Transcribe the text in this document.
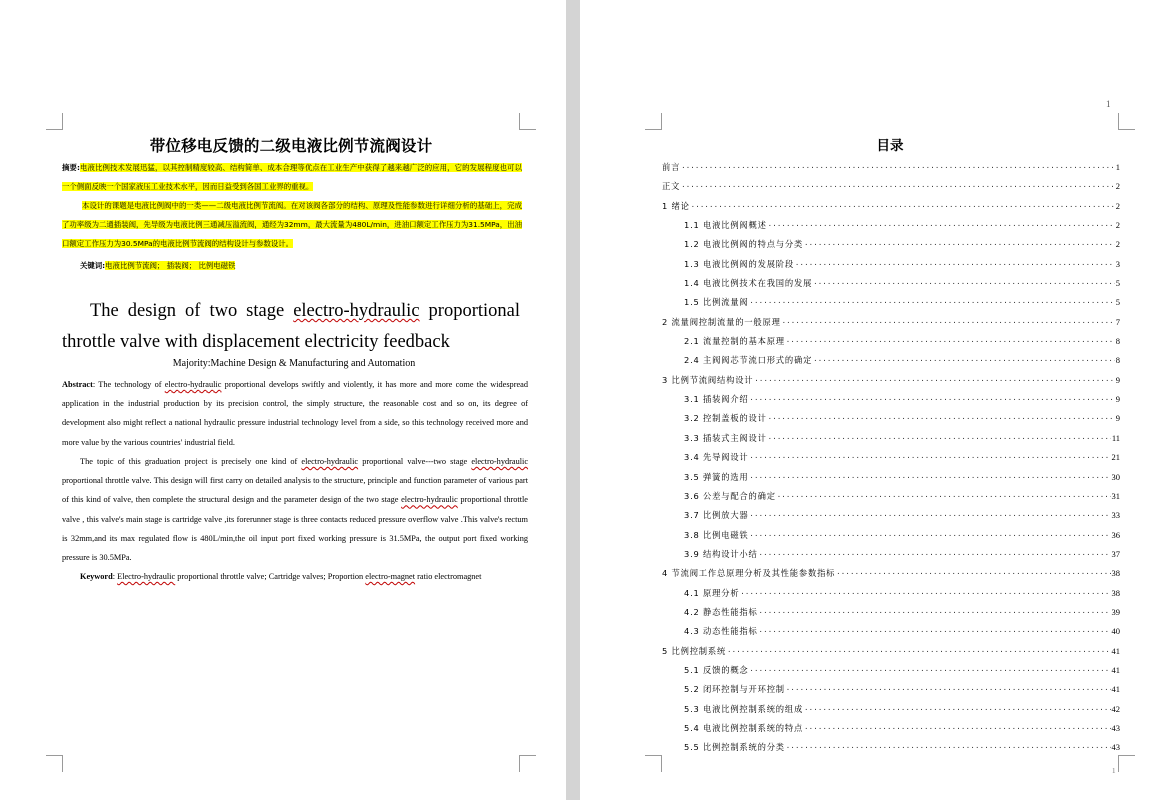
带位移电反馈的二级电液比例节流阀设计
摘要:电液比例技术发展迅猛，以其控制精度较高、结构简单、成本合理等优点在工业生产中获得了越来越广泛的应用，它的发展程度也可以一个侧面反映一个国家液压工业技术水平，因而日益受到各国工业界的重视。
本设计的课题是电液比例阀中的一类——二级电液比例节流阀。在对该阀各部分的结构、原理及性能参数进行详细分析的基础上，完成了功率级为二通插装阀，先导级为电液比例三通减压溢流阀，通经为32mm，最大流量为480L/min，进油口额定工作压力为31.5MPa，出油口额定工作压力为30.5MPa的电液比例节流阀的结构设计与参数设计。
关键词:电液比例节流阀； 插装阀； 比例电磁铁
The design of two stage electro-hydraulic proportional
throttle valve with displacement electricity feedback
Majority:Machine Design & Manufacturing and Automation
Abstract: The technology of electro-hydraulic proportional develops swiftly and violently, it has more and more come the widespread application in the industrial production by its precision control, the simply structure, the reasonable cost and so on, its degree of development also might reflect a national hydraulic pressure industrial technology level from a side, so this technology received more and more value by the various countries' industrial field.
The topic of this graduation project is precisely one kind of electro-hydraulic proportional valve---two stage electro-hydraulic proportional throttle valve. This design will first carry on detailed analysis to the structure, principle and function parameter of various part of this kind of valve, then complete the structural design and the parameter design of the two stage electro-hydraulic proportional throttle valve , this valve's main stage is cartridge valve ,its forerunner stage is three contacts reduced pressure overflow valve .This valve's rectum is 32mm,and its max regulated flow is 480L/min,the oil input port fixed working pressure is 31.5MPa, the output port fixed working pressure is 30.5MPa.
Keyword: Electro-hydraulic proportional throttle valve; Cartridge valves; Proportion electro-magnet ratio electromagnet
1
1
目录
前言 ·····	1
正文 ·····	2
1 绪论 ·····	2
1.1 电液比例阀概述 ·····	2
1.2 电液比例阀的特点与分类 ·····	2
1.3 电液比例阀的发展阶段 ·····	3
1.4 电液比例技术在我国的发展 ·····	5
1.5 比例流量阀 ·····	5
2 流量阀控制流量的一般原理 ·····	7
2.1 流量控制的基本原理 ·····	8
2.4 主阀阀芯节流口形式的确定 ·····	8
3 比例节流阀结构设计 ·····	9
3.1 插装阀介绍 ·····	9
3.2 控制盖板的设计 ·····	9
3.3 插装式主阀设计 ·····	11
3.4 先导阀设计 ·····	21
3.5 弹簧的选用 ·····	30
3.6 公差与配合的确定 ·····	31
3.7 比例放大器 ·····	33
3.8 比例电磁铁 ·····	36
3.9 结构设计小结 ·····	37
4 节流阀工作总原理分析及其性能参数指标 ·····	38
4.1 原理分析 ·····	38
4.2 静态性能指标 ·····	39
4.3 动态性能指标 ·····	40
5 比例控制系统 ·····	41
5.1 反馈的概念 ·····	41
5.2 闭环控制与开环控制 ·····	41
5.3 电液比例控制系统的组成 ·····	42
5.4 电液比例控制系统的特点 ·····	43
5.5 比例控制系统的分类 ·····	43
